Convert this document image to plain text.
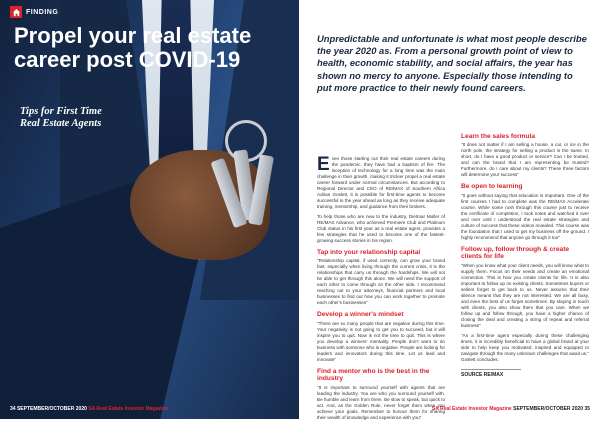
FINDING
Propel your real estate career post COVID-19
Tips for First Time Real Estate Agents
34 SEPTEMBER/OCTOBER 2020 SA Real Estate Investor Magazine	SA Real Estate Investor Magazine SEPTEMBER/OCTOBER 2020 35
Unpredictable and unfortunate is what most people describe the year 2020 as. From a personal growth point of view to health, economic stability, and social affairs, the year has shown no mercy to anyone. Especially those intending to put more practice to their newly found careers.

Even those starting out their real estate careers during the pandemic, they have had a baptism of fire. The inception of technology for a long time was the main challenge in their growth, making it trickier propel a real estate career forward under normal circumstances. But according to Regional Director and CEO of RE/MAX of Southern Africa Adrian Goslett, it is possible for first-time agents to become successful in the year ahead as long as they receive adequate training, mentorship, and guidance from their brokers.

To help those who are new to the industry, Dietmar Muller of RE/MAX Advance, who achieved Premiere Club and Platinum Club status in his first year as a real estate agent, provides a few strategies that he used to become one of the fastest-growing success stories in his region.

Tap into your relationship capital

"Relationship capital, if used correctly, can grow your brand fast, especially when living through the current crisis, it is the relationships that carry us through the hardships. We will not be able to get through this alone. We will need the support of each other to come through on the other side. I recommend reaching out to your attorneys, financial partners and local businesses to find out how you can work together to promote each other's businesses"

Develop a winner's mindset

"There are so many people that are negative during this time. Your negativity is not going to get you to succeed, but it will inspire you to quit. Now is not the time to quit. This is where you develop a winners' mentality. People don't want to do business with someone who is negative. People are looking for leaders and innovators during this time. Let us lead and innovate"

Find a mentor who is the best in the industry

"It is important to surround yourself with agents that are leading the industry. You are who you surround yourself with. Be humble and learn from them. Be slow to speak, but quick to act. And, as the Golden Rule, never forget them when you achieve your goals. Remember to honour them for sharing their wealth of knowledge and experience with you"

Learn the sales formula

"It does not matter if I am selling a house, a car, or ice in the north pole, the strategy for selling a product is the same. In short, do I have a good product or service? Can I be trusted, and can the brand that I am representing be trusted? Furthermore, do I care about my clients? These three factors will determine your success"

Be open to learning

"It goes without saying that education is important. One of the first courses I had to complete was the RE/MAX Accelerate course. While some rush through this course just to receive the certificate of completion, I took notes and watched it over and over until I understood the real estate strategies and culture of success that these videos revealed. This course was the foundation that I used to get my business off the ground. I highly recommend that anyone go through it too"

Follow up, follow through & create clients for life

"When you know what your client needs, you will know what to supply them. Focus on their needs and create an emotional connection. This is how you create clients for life. It is also important to follow up on existing clients. Sometimes buyers or sellers forget to get back to us. Never assume that their silence means that they are not interested. We are all busy, and even the best of us forget sometimes. By staying in touch with clients, you also show them that you care. When we follow up and follow through, you have a higher chance of closing the deal and creating a string of repeat and referral business"

"As a first-time agent especially during these challenging times, it is incredibly beneficial to have a global brand at your side to help keep you motivated, inspired and equipped to navigate through the many unknown challenges that await us," Goslett concludes.

SOURCE RE/MAX
